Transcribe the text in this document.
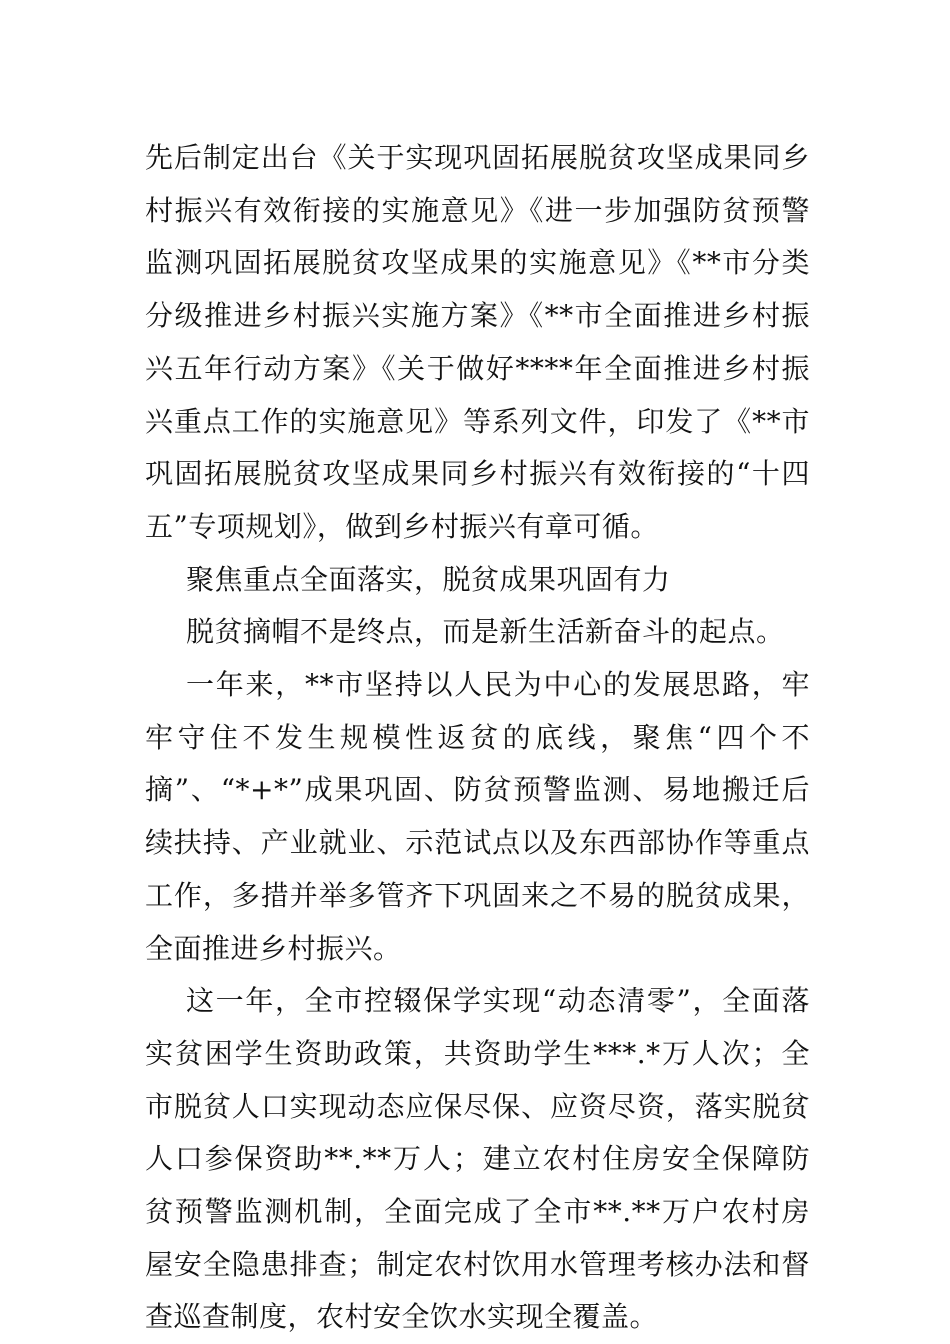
先后制定出台《关于实现巩固拓展脱贫攻坚成果同乡村振兴有效衔接的实施意见》《进一步加强防贫预警监测巩固拓展脱贫攻坚成果的实施意见》《**市分类分级推进乡村振兴实施方案》《**市全面推进乡村振兴五年行动方案》《关于做好****年全面推进乡村振兴重点工作的实施意见》等系列文件，印发了《**市巩固拓展脱贫攻坚成果同乡村振兴有效衔接的“十四五”专项规划》，做到乡村振兴有章可循。

聚焦重点全面落实，脱贫成果巩固有力

脱贫摘帽不是终点，而是新生活新奋斗的起点。

一年来，**市坚持以人民为中心的发展思路，牢牢守住不发生规模性返贫的底线，聚焦“四个不摘”、“*+*”成果巩固、防贫预警监测、易地搬迁后续扶持、产业就业、示范试点以及东西部协作等重点工作，多措并举多管齐下巩固来之不易的脱贫成果，全面推进乡村振兴。

这一年，全市控辍保学实现“动态清零”，全面落实贫困学生资助政策，共资助学生***.*万人次；全市脱贫人口实现动态应保尽保、应资尽资，落实脱贫人口参保资助**.**万人；建立农村住房安全保障防贫预警监测机制，全面完成了全市**.**万户农村房屋安全隐患排查；制定农村饮用水管理考核办法和督查巡查制度，农村安全饮水实现全覆盖。
